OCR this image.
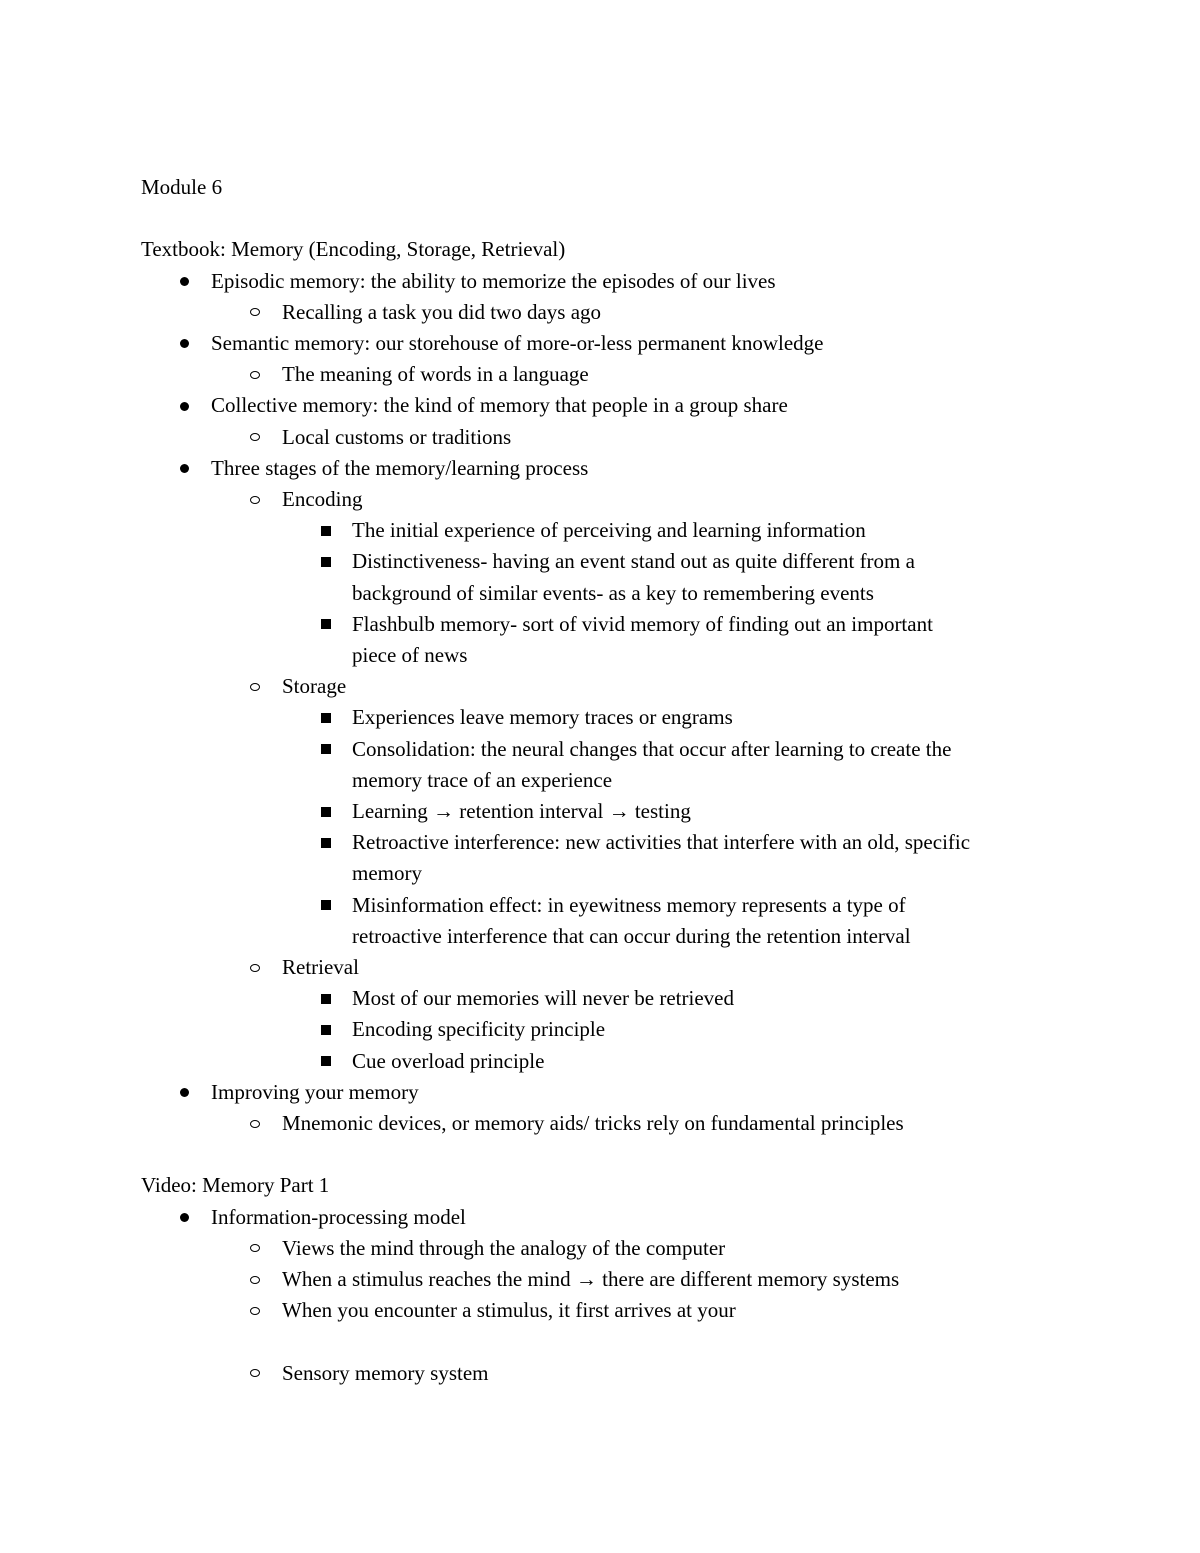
Module 6
Textbook: Memory (Encoding, Storage, Retrieval)
Episodic memory: the ability to memorize the episodes of our lives
Recalling a task you did two days ago
Semantic memory: our storehouse of more-or-less permanent knowledge
The meaning of words in a language
Collective memory: the kind of memory that people in a group share
Local customs or traditions
Three stages of the memory/learning process
Encoding
The initial experience of perceiving and learning information
Distinctiveness- having an event stand out as quite different from a
background of similar events- as a key to remembering events
Flashbulb memory- sort of vivid memory of finding out an important
piece of news
Storage
Experiences leave memory traces or engrams
Consolidation: the neural changes that occur after learning to create the
memory trace of an experience
Learning → retention interval → testing
Retroactive interference: new activities that interfere with an old, specific
memory
Misinformation effect: in eyewitness memory represents a type of
retroactive interference that can occur during the retention interval
Retrieval
Most of our memories will never be retrieved
Encoding specificity principle
Cue overload principle
Improving your memory
Mnemonic devices, or memory aids/ tricks rely on fundamental principles
Video: Memory Part 1
Information-processing model
Views the mind through the analogy of the computer
When a stimulus reaches the mind → there are different memory systems
When you encounter a stimulus, it first arrives at your
Sensory memory system
